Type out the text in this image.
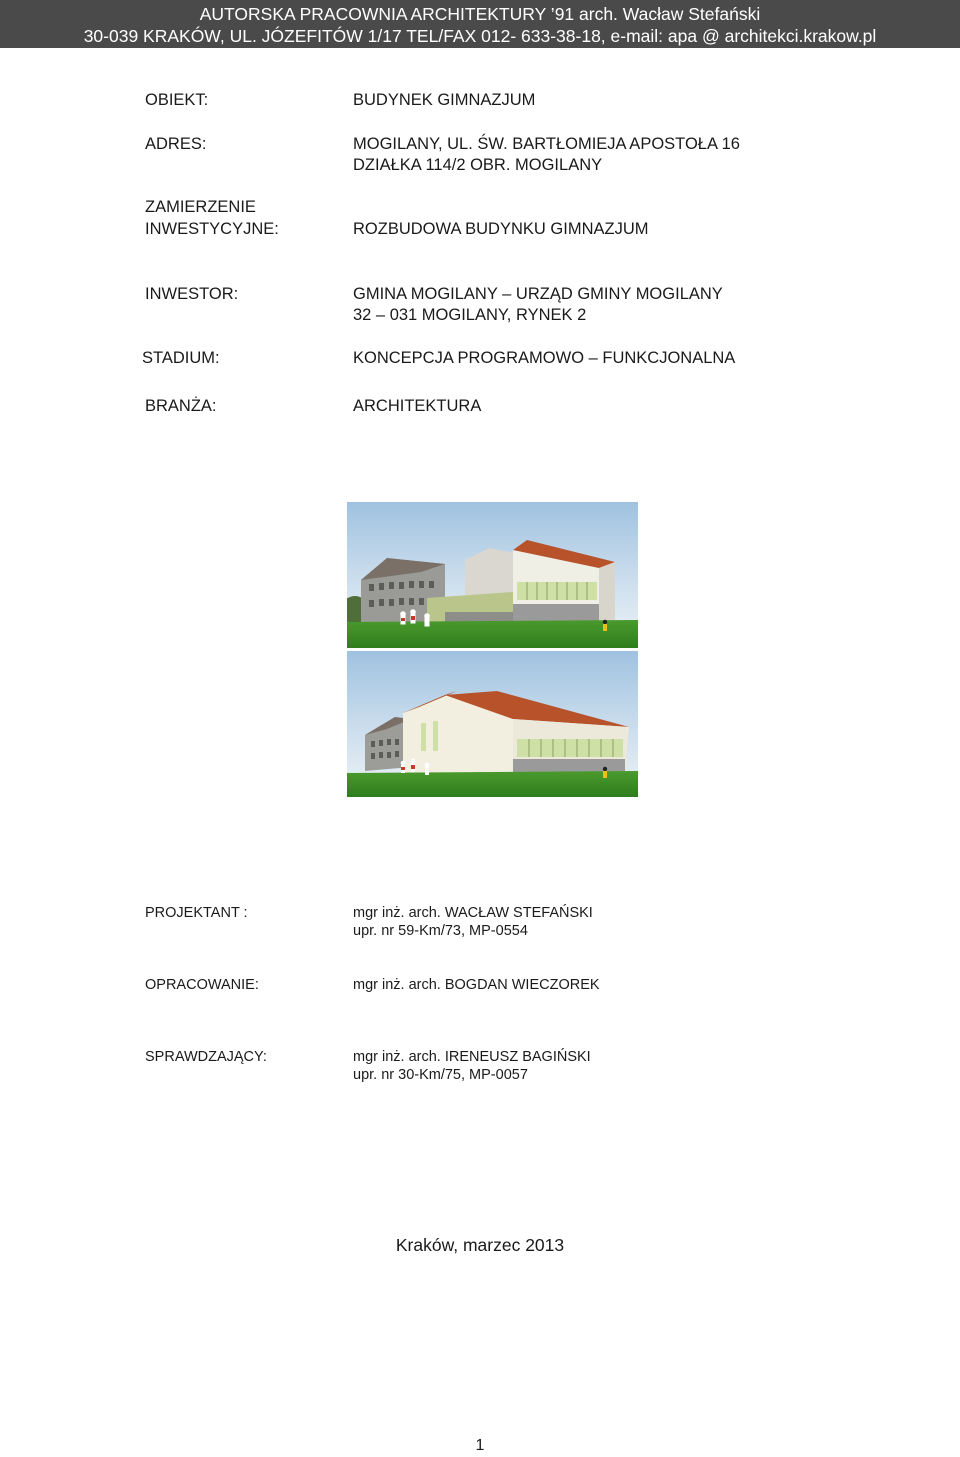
AUTORSKA PRACOWNIA ARCHITEKTURY ’91 arch. Wacław Stefański
30-039 KRAKÓW, UL. JÓZEFITÓW 1/17 TEL/FAX 012- 633-38-18, e-mail: apa @ architekci.krakow.pl
OBIEKT:	BUDYNEK GIMNAZJUM
ADRES:	MOGILANY, UL. ŚW. BARTŁOMIEJA APOSTOŁA 16
DZIAŁKA 114/2 OBR. MOGILANY
ZAMIERZENIE
INWESTYCYJNE:	ROZBUDOWA BUDYNKU GIMNAZJUM
INWESTOR:	GMINA MOGILANY – URZĄD GMINY MOGILANY
32 – 031 MOGILANY, RYNEK 2
STADIUM:	KONCEPCJA PROGRAMOWO – FUNKCJONALNA
BRANŻA:	ARCHITEKTURA
PROJEKTANT :	mgr inż. arch. WACŁAW STEFAŃSKI
upr. nr 59-Km/73, MP-0554
OPRACOWANIE:	mgr inż. arch. BOGDAN WIECZOREK
SPRAWDZAJĄCY:	mgr inż. arch. IRENEUSZ BAGIŃSKI
upr. nr 30-Km/75, MP-0057
Kraków, marzec 2013
1
